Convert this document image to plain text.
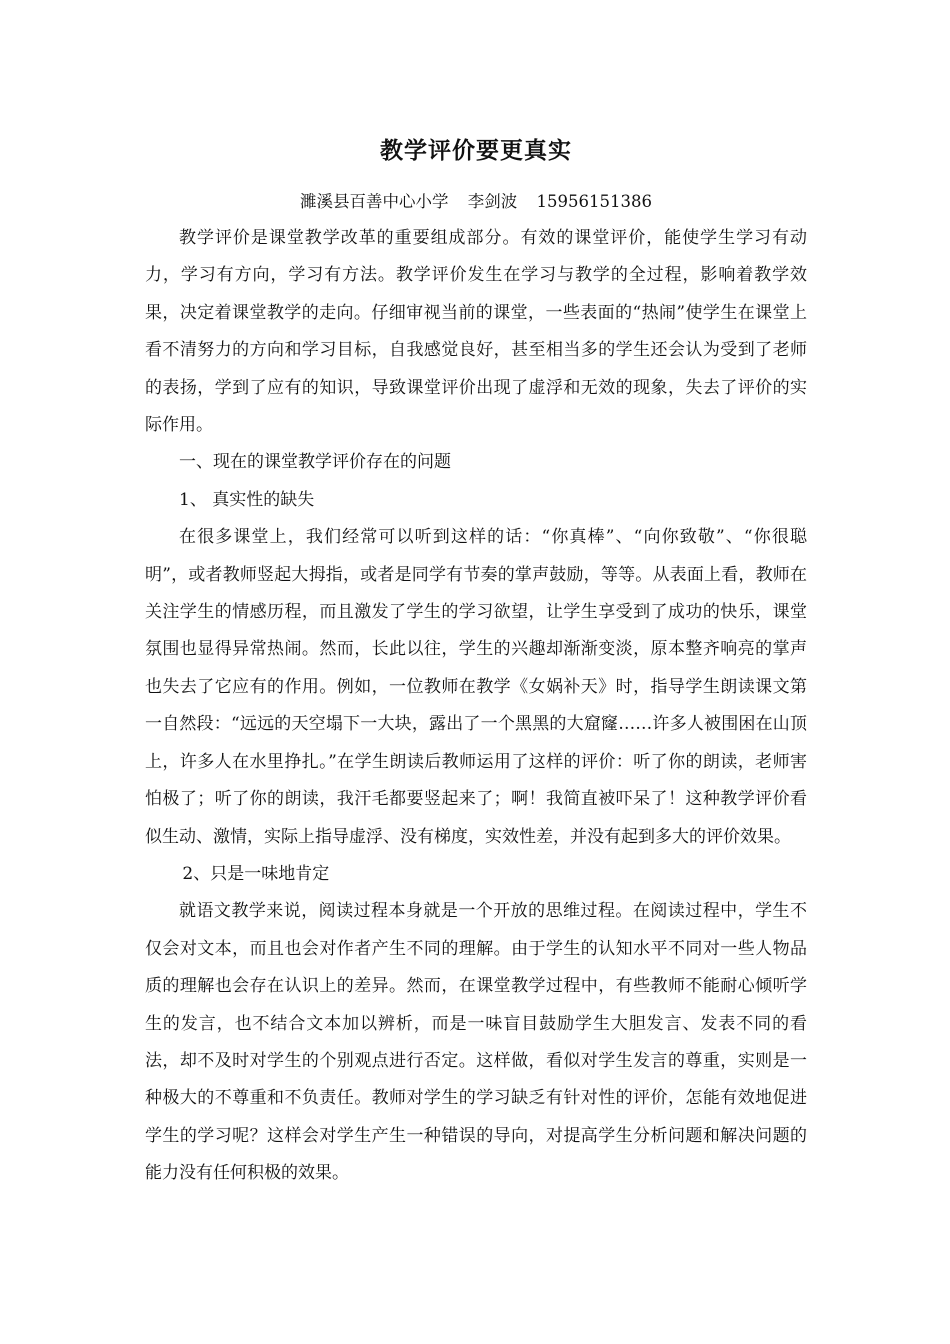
教学评价要更真实
濉溪县百善中心小学 李剑波 15956151386

教学评价是课堂教学改革的重要组成部分。有效的课堂评价，能使学生学习有动力，学习有方向，学习有方法。教学评价发生在学习与教学的全过程，影响着教学效果，决定着课堂教学的走向。仔细审视当前的课堂，一些表面的“热闹”使学生在课堂上看不清努力的方向和学习目标，自我感觉良好，甚至相当多的学生还会认为受到了老师的表扬，学到了应有的知识，导致课堂评价出现了虚浮和无效的现象，失去了评价的实际作用。

一、现在的课堂教学评价存在的问题

1、 真实性的缺失

在很多课堂上，我们经常可以听到这样的话：“你真棒”、“向你致敬”、“你很聪明”，或者教师竖起大拇指，或者是同学有节奏的掌声鼓励，等等。从表面上看，教师在关注学生的情感历程，而且激发了学生的学习欲望，让学生享受到了成功的快乐，课堂氛围也显得异常热闹。然而，长此以往，学生的兴趣却渐渐变淡，原本整齐响亮的掌声也失去了它应有的作用。例如，一位教师在教学《女娲补天》时，指导学生朗读课文第一自然段：“远远的天空塌下一大块，露出了一个黑黑的大窟窿……许多人被围困在山顶上，许多人在水里挣扎。”在学生朗读后教师运用了这样的评价：听了你的朗读，老师害怕极了；听了你的朗读，我汗毛都要竖起来了；啊！我简直被吓呆了！这种教学评价看似生动、激情，实际上指导虚浮、没有梯度，实效性差，并没有起到多大的评价效果。

2、只是一味地肯定

就语文教学来说，阅读过程本身就是一个开放的思维过程。在阅读过程中，学生不仅会对文本，而且也会对作者产生不同的理解。由于学生的认知水平不同对一些人物品质的理解也会存在认识上的差异。然而，在课堂教学过程中，有些教师不能耐心倾听学生的发言，也不结合文本加以辨析，而是一味盲目鼓励学生大胆发言、发表不同的看法，却不及时对学生的个别观点进行否定。这样做，看似对学生发言的尊重，实则是一种极大的不尊重和不负责任。教师对学生的学习缺乏有针对性的评价，怎能有效地促进学生的学习呢？这样会对学生产生一种错误的导向，对提高学生分析问题和解决问题的能力没有任何积极的效果。
